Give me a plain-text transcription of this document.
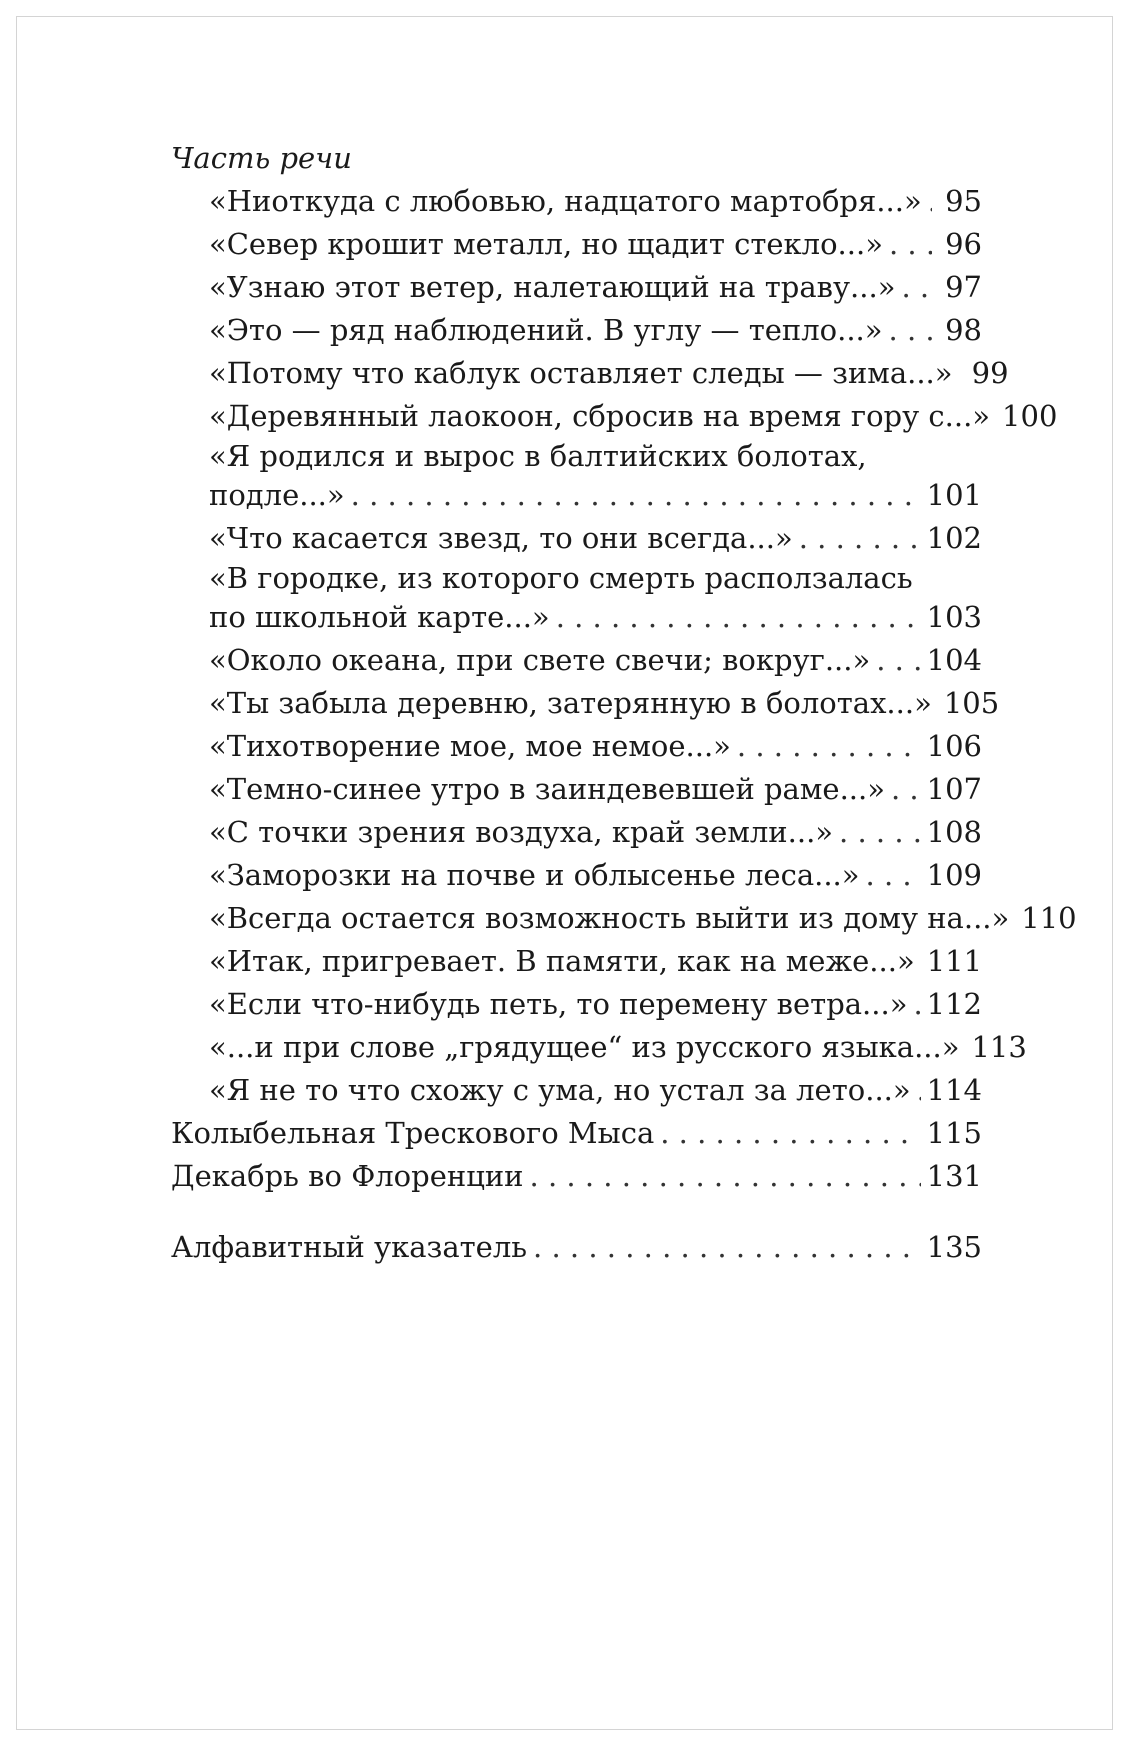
Часть речи
«Ниоткуда с любовью, надцатого мартобря...» . . . 95
«Север крошит металл, но щадит стекло...» . . . 96
«Узнаю этот ветер, налетающий на траву...» . . . 97
«Это — ряд наблюдений. В углу — тепло...» . . . 98
«Потому что каблук оставляет следы — зима...» 99
«Деревянный лаокоон, сбросив на время гору с...» 100
«Я родился и вырос в балтийских болотах,
подле...» . . .	101
«Что касается звезд, то они всегда...» . . .	102
«В городке, из которого смерть расползалась
по школьной карте...» . . .	103
«Около океана, при свете свечи; вокруг...» . . . 104
«Ты забыла деревню, затерянную в болотах...» 105
«Тихотворение мое, мое немое...» . . .	106
«Темно-синее утро в заиндевевшей раме...» . . . 107
«С точки зрения воздуха, край земли...» . . .	108
«Заморозки на почве и облысенье леса...» . . . 109
«Всегда остается возможность выйти из дому на...» 110
«Итак, пригревает. В памяти, как на меже...» 111
«Если что-нибудь петь, то перемену ветра...» . . . 112
«...и при слове „грядущее“ из русского языка...» 113
«Я не то что схожу с ума, но устал за лето...» . . . 114
Колыбельная Трескового Мыса . . .	115
Декабрь во Флоренции . . .	131
Алфавитный указатель . . .	135
